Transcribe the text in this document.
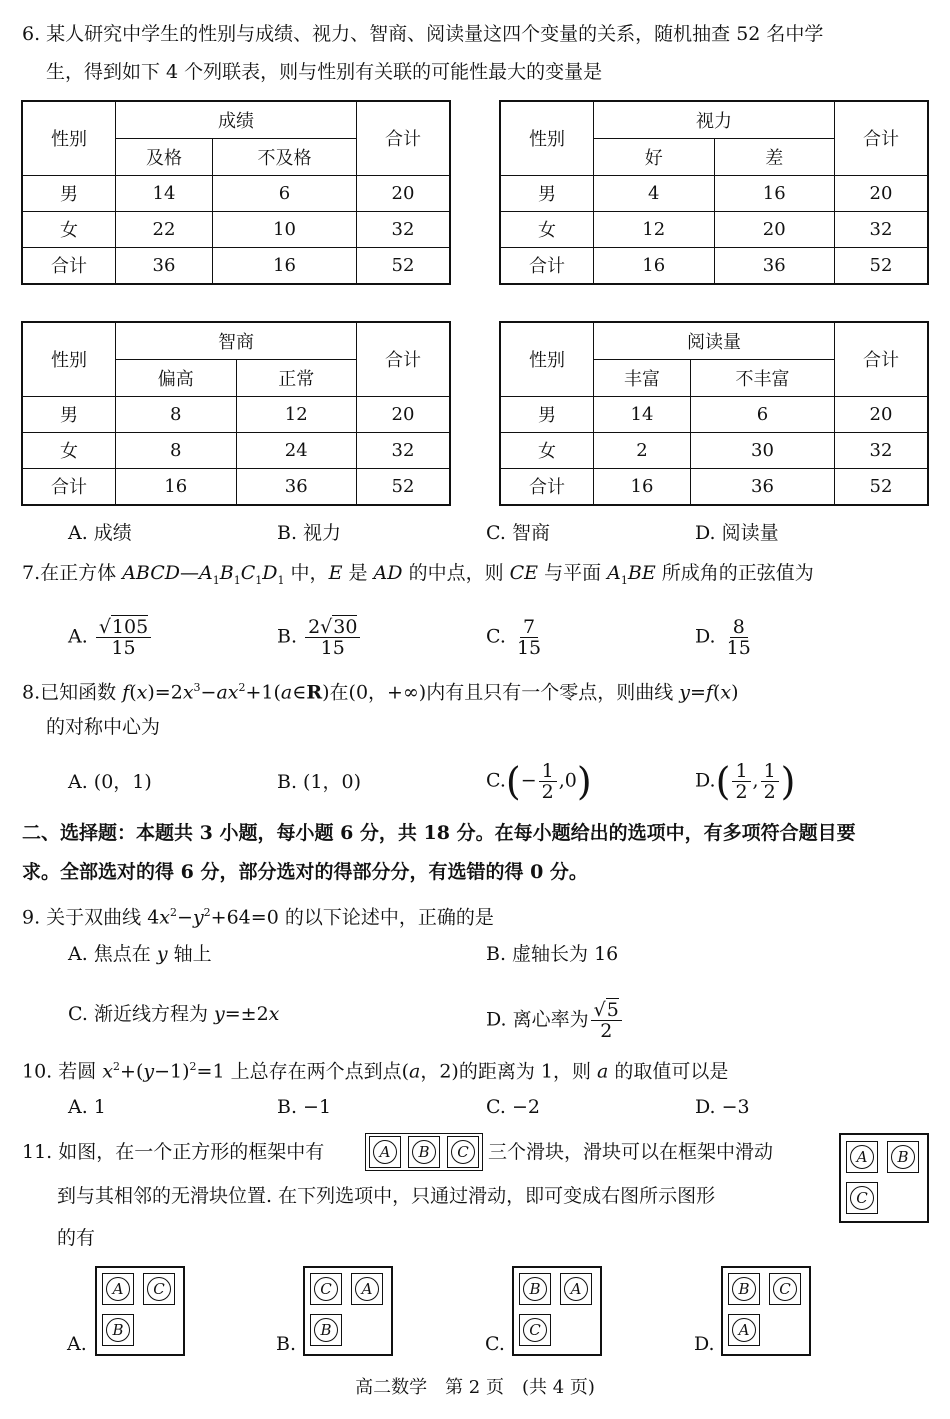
6. 某人研究中学生的性别与成绩、视力、智商、阅读量这四个变量的关系，随机抽查 52 名中学
生，得到如下 4 个列联表，则与性别有关联的可能性最大的变量是
性别	成绩		合计
	及格	不及格	
男	14	6	20
女	22	10	32
合计	36	16	52
性别	视力		合计
	好	差	
男	4	16	20
女	12	20	32
合计	16	36	52
性别	智商		合计
	偏高	正常	
男	8	12	20
女	8	24	32
合计	16	36	52
性别	阅读量		合计
	丰富	不丰富	
男	14	6	20
女	2	30	32
合计	16	36	52
A. 成绩	B. 视力	C. 智商	D. 阅读量
7.在正方体 $ABCD—A_1B_1C_1D_1$ 中，E 是 AD 的中点，则 CE 与平面 $A_1BE$ 所成角的正弦值为
A. $\frac{√105}{15}$	B. $\frac{2√30}{15}$	C. $\frac{7}{15}$	D. $\frac{8}{15}$
8.已知函数 $f(x)=2x^3-ax^2+1(a\in R)$在(0，+∞)内有且只有一个零点，则曲线 y=f(x)
的对称中心为
A. (0，1)	B. (1，0)	$C.(- \frac{1}{2} ,0)$	$D.( \frac{1}{2}$ , $\frac{1}{2}$ )
二、选择题：本题共 3 小题，每小题 6 分，共 18 分。在每小题给出的选项中，有多项符合题目要
求。全部选对的得 6 分，部分选对的得部分分，有选错的得 0 分。
9. 关于双曲线 $4x^2-y^2+64=0$ 的以下论述中，正确的是
A. 焦点在 y 轴上	B. 虚轴长为 16
C. 渐近线方程为 y=±2x	D. 离心率为 $\frac{√5}{2}$
10. 若圆 $x^2+(y-1)^2=1$ 上总存在两个点到点(a，2)的距离为 1，则 a 的取值可以是
A. 1	B. −1	C. −2	D. −3
11. 如图，在一个正方形的框架中有	A	B	C	三个滑块，滑块可以在框架中滑动
到与其相邻的无滑块位置. 在下列选项中，只通过滑动，即可变成右图所示图形
的有
A	B
C
A.
A	C
B
B.
C	A
B
C.
B	A
C
D.
B	C
A
高二数学　第 2 页　(共 4 页)
